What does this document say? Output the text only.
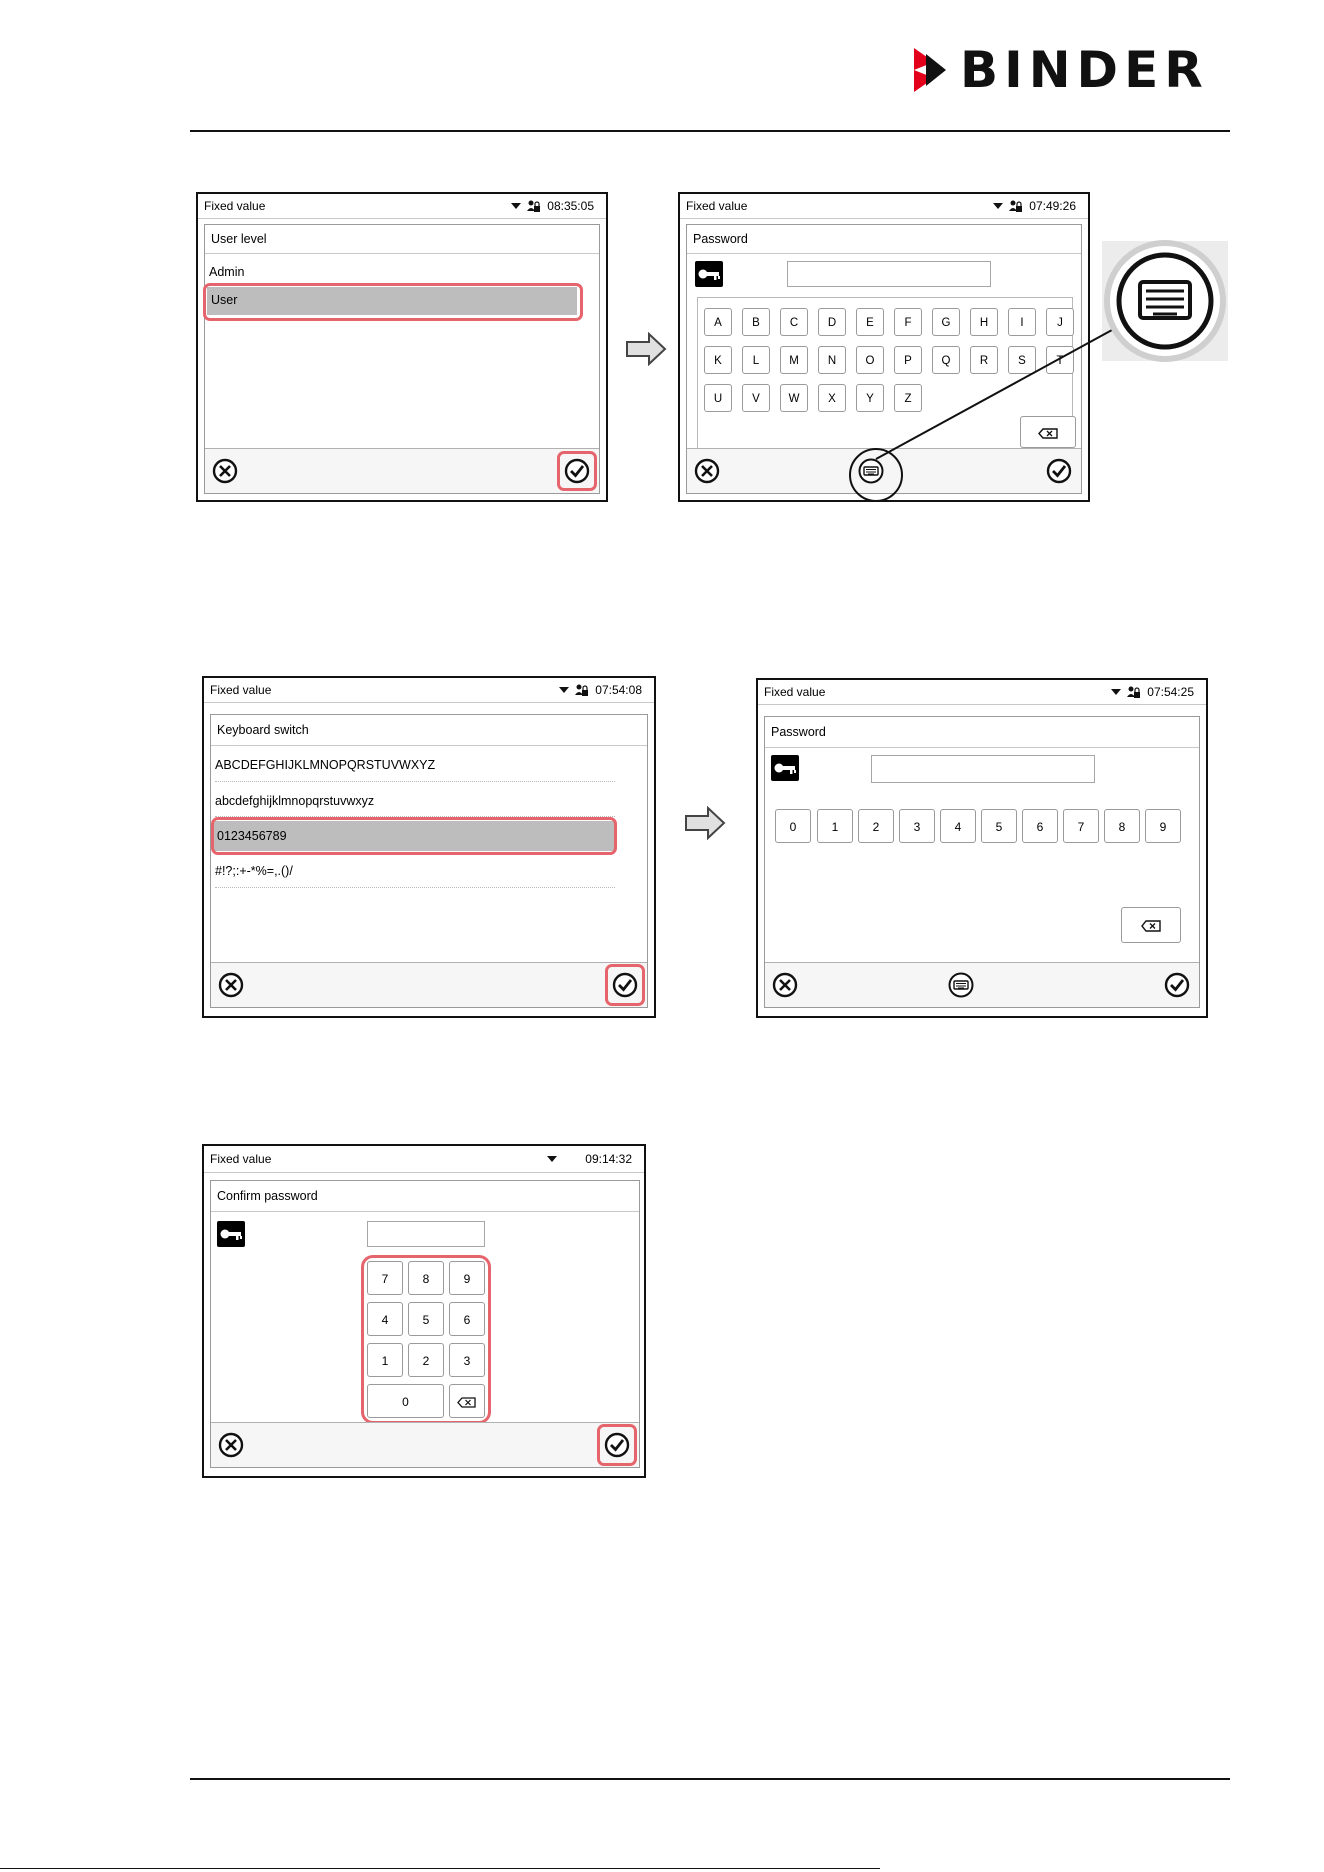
BINDER
Fixed value	08:35:05
User level
Admin
User
Fixed value	07:49:26
Password
A	B	C	D	E	F	G	H	I	J
K	L	M	N	O	P	Q	R	S	T
U	V	W	X	Y	Z
Fixed value	07:54:08
Keyboard switch
ABCDEFGHIJKLMNOPQRSTUVWXYZ
abcdefghijklmnopqrstuvwxyz
0123456789
#!?;:+-*%=,.()/
Fixed value	07:54:25
Password
0	1	2	3	4	5	6	7	8	9
Fixed value	09:14:32
Confirm password
7	8	9
4	5	6
1	2	3
0
